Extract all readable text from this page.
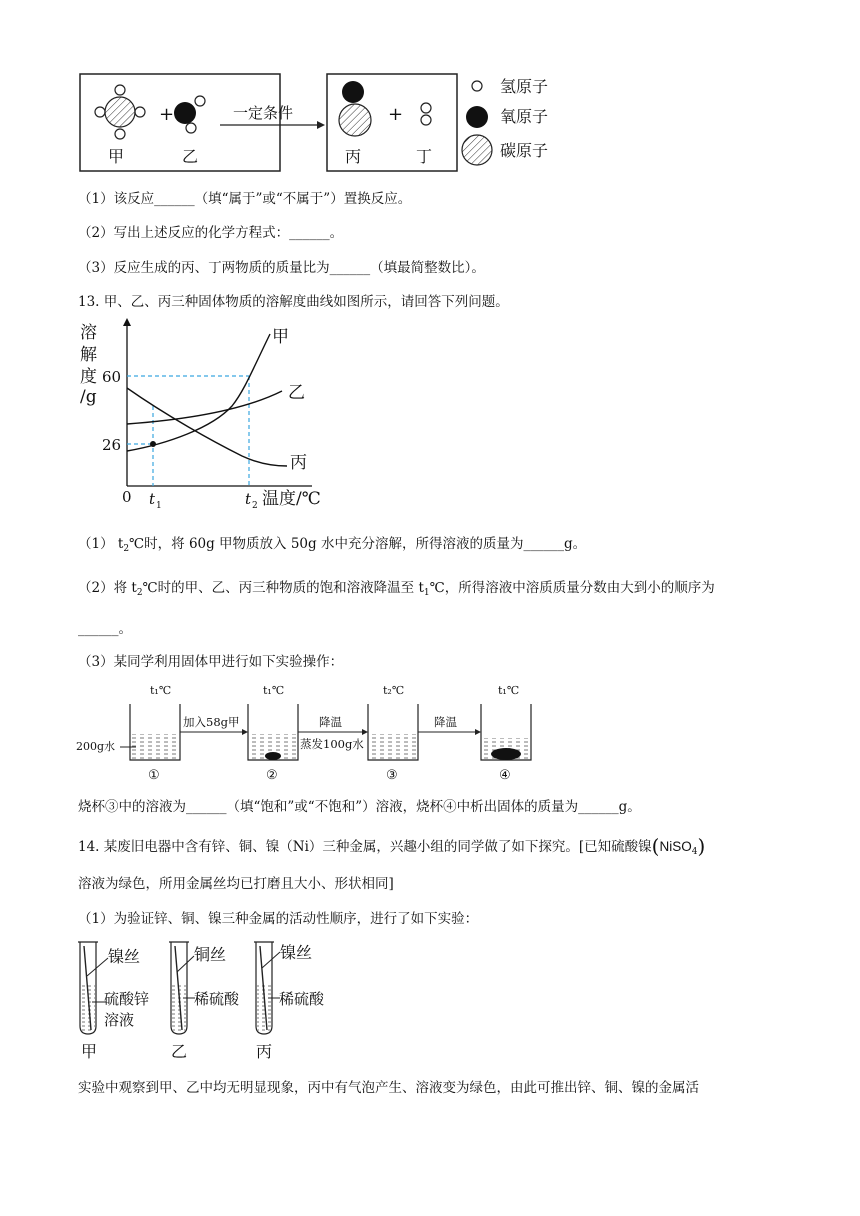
+
甲	乙
一定条件	+
丙	丁
氢原子
氧原子
碳原子
（1）该反应______（填“属于”或“不属于”）置换反应。
（2）写出上述反应的化学方程式：______。
（3）反应生成的丙、丁两物质的质量比为______（填最简整数比）。
13. 甲、乙、丙三种固体物质的溶解度曲线如图所示，请回答下列问题。
溶
解
度
/g
60
26
0 t 1	t 2 温度/℃
甲
乙
丙
（1） $t_2℃$时，将 60g 甲物质放入 50g 水中充分溶解，所得溶液的质量为______g。
（2）将 $t_2℃$时的甲、乙、丙三种物质的饱和溶液降温至 $t_1℃$，所得溶液中溶质质量分数由大到小的顺序为
______。
（3）某同学利用固体甲进行如下实验操作：
t₁℃	t₁℃	t₂℃	t₁℃
200g水
加入58g甲	降温
蒸发100g水
降温
①	②	③	④
烧杯③中的溶液为______（填“饱和”或“不饱和”）溶液，烧杯④中析出固体的质量为______g。
14. 某废旧电器中含有锌、铜、镍（Ni）三种金属，兴趣小组的同学做了如下探究。[已知硫酸镍(NiSO$_4$)
溶液为绿色，所用金属丝均已打磨且大小、形状相同]
（1）为验证锌、铜、镍三种金属的活动性顺序，进行了如下实验：
镍丝
硫酸锌
溶液
甲
铜丝
稀硫酸
乙
镍丝
稀硫酸
丙
实验中观察到甲、乙中均无明显现象，丙中有气泡产生、溶液变为绿色，由此可推出锌、铜、镍的金属活
